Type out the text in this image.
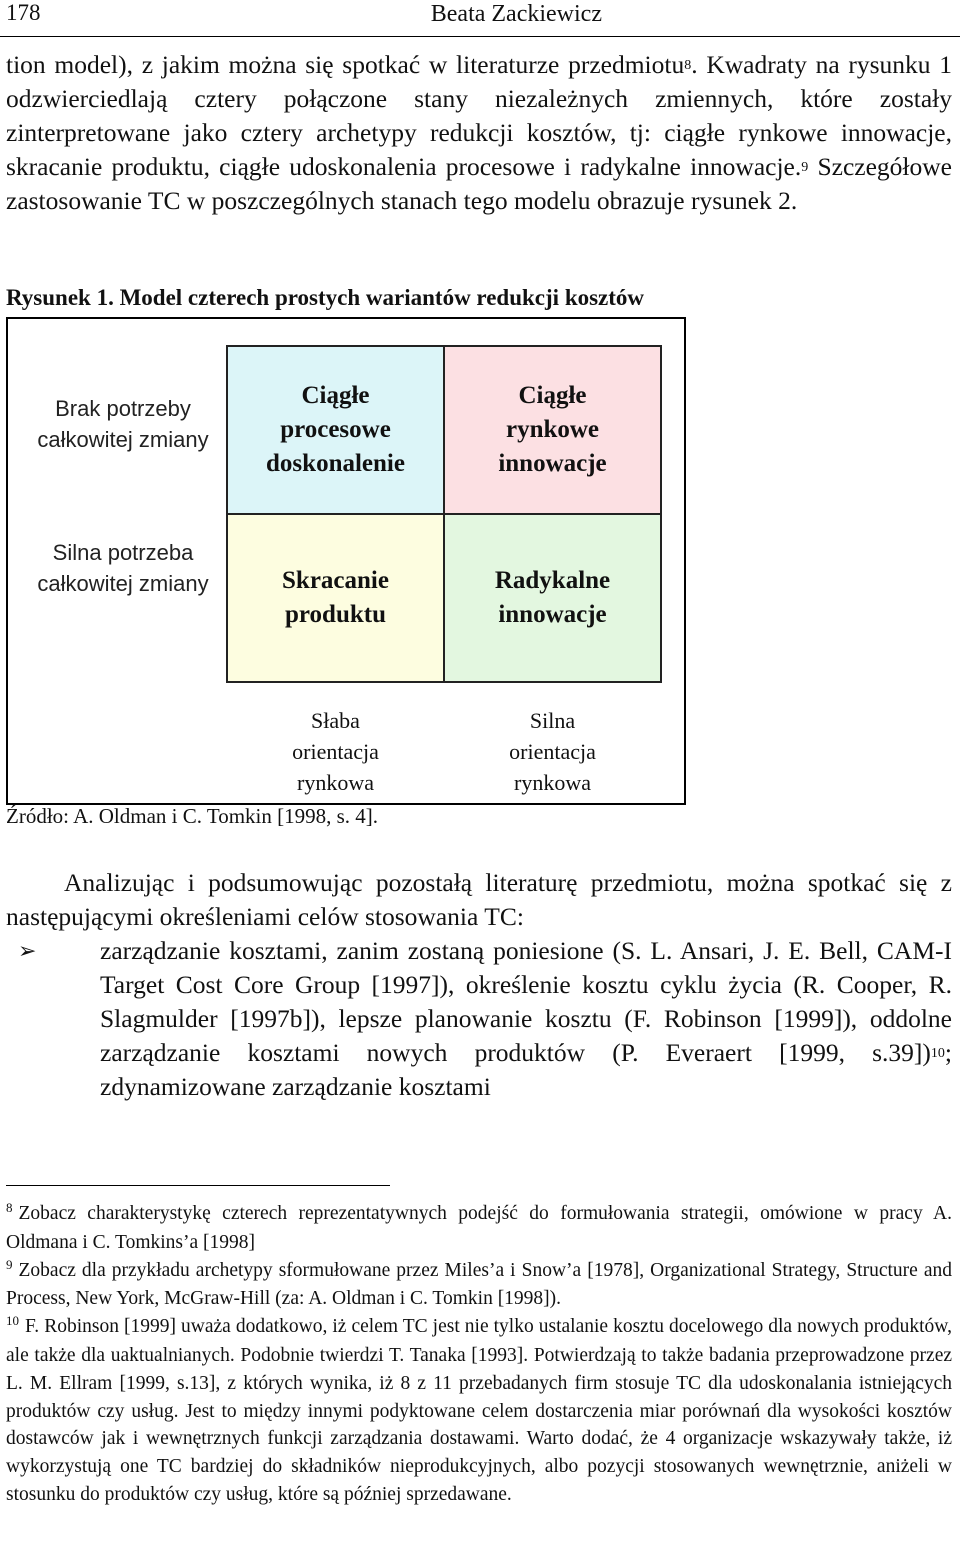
178	Beata Zackiewicz

tion model), z jakim można się spotkać w literaturze przedmiotu$^8$. Kwadraty na rysunku 1 odzwierciedlają cztery połączone stany niezależnych zmiennych, które zostały zinterpretowane jako cztery archetypy redukcji kosztów, tj: ciągłe rynkowe innowacje, skracanie produktu, ciągłe udoskonalenia procesowe i radykalne innowacje.$^9$ Szczegółowe zastosowanie TC w poszczególnych stanach tego modelu obrazuje rysunek 2.

Rysunek 1. Model czterech prostych wariantów redukcji kosztów
Brak potrzeby całkowitej zmiany
Silna potrzeba całkowitej zmiany
Ciągłe procesowe doskonalenie
Ciągłe rynkowe innowacje
Skracanie produktu
Radykalne innowacje
Słaba orientacja rynkowa
Silna orientacja rynkowa
Źródło: A. Oldman i C. Tomkin [1998, s. 4].

Analizując i podsumowując pozostałą literaturę przedmiotu, można spotkać się z następującymi określeniami celów stosowania TC:

➢ zarządzanie kosztami, zanim zostaną poniesione (S. L. Ansari, J. E. Bell, CAM-I Target Cost Core Group [1997]), określenie kosztu cyklu życia (R. Cooper, R. Slagmulder [1997b]), lepsze planowanie kosztu (F. Robinson [1999]), oddolne zarządzanie kosztami nowych produktów (P. Everaert [1999, s.39])$^{10}$; zdynamizowane zarządzanie kosztami

$^8$ Zobacz charakterystykę czterech reprezentatywnych podejść do formułowania strategii, omówione w pracy A. Oldmana i C. Tomkins’a [1998]

$^9$ Zobacz dla przykładu archetypy sformułowane przez Miles’a i Snow’a [1978], Organizational Strategy, Structure and Process, New York, McGraw-Hill (za: A. Oldman i C. Tomkin [1998]).

$^{10}$ F. Robinson [1999] uważa dodatkowo, iż celem TC jest nie tylko ustalanie kosztu docelowego dla nowych produktów, ale także dla uaktualnianych. Podobnie twierdzi T. Tanaka [1993]. Potwierdzają to także badania przeprowadzone przez L. M. Ellram [1999, s.13], z których wynika, iż 8 z 11 przebadanych firm stosuje TC dla udoskonalania istniejących produktów czy usług. Jest to między innymi podyktowane celem dostarczenia miar porównań dla wysokości kosztów dostawców jak i wewnętrznych funkcji zarządzania dostawami. Warto dodać, że 4 organizacje wskazywały także, iż wykorzystują one TC bardziej do składników nieprodukcyjnych, albo pozycji stosowanych wewnętrznie, aniżeli w stosunku do produktów czy usług, które są później sprzedawane.
